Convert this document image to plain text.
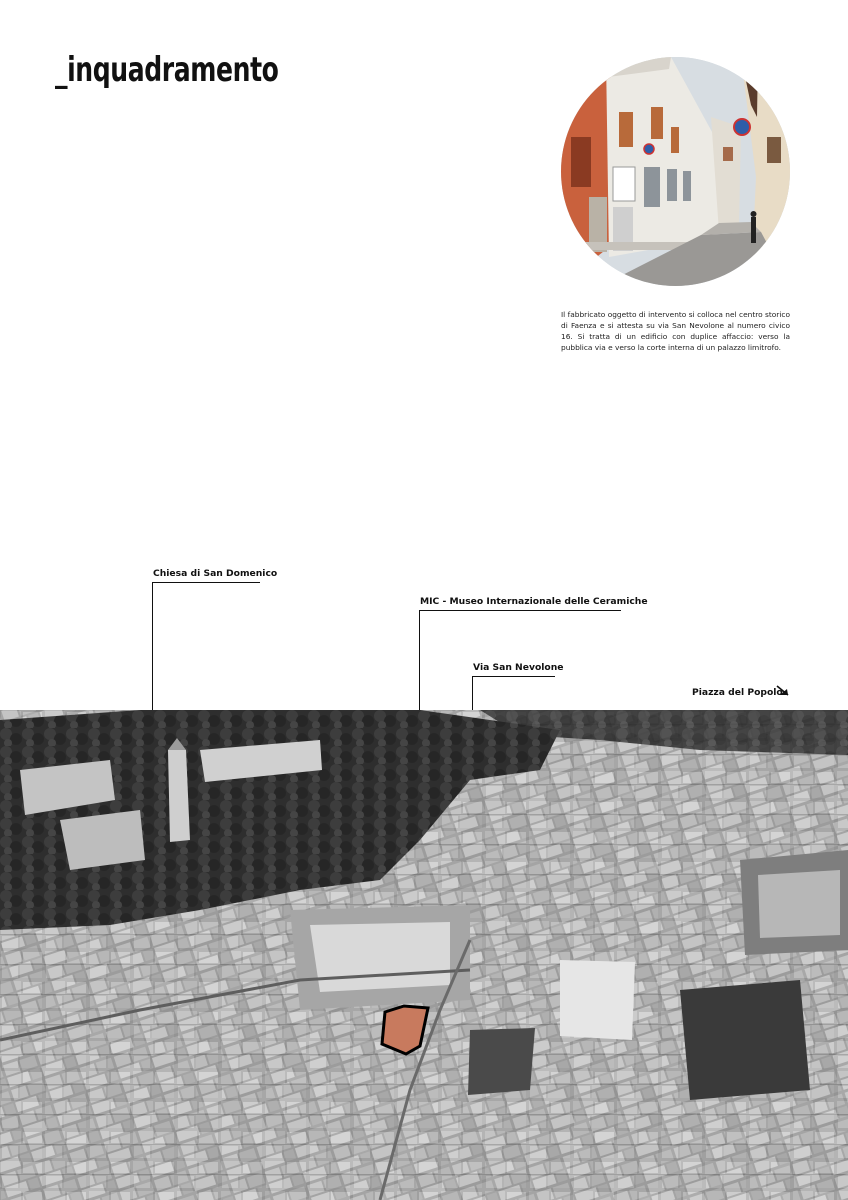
_inquadramento

Il fabbricato oggetto di intervento si colloca nel centro storico di Faenza e si attesta su via San Nevolone al numero civico 16. Si tratta di un edificio con duplice affaccio: verso la pubblica via e verso la corte interna di un palazzo limitrofo.

Chiesa di San Domenico
MIC - Museo Internazionale delle Ceramiche
Via San Nevolone
Piazza del Popolo
